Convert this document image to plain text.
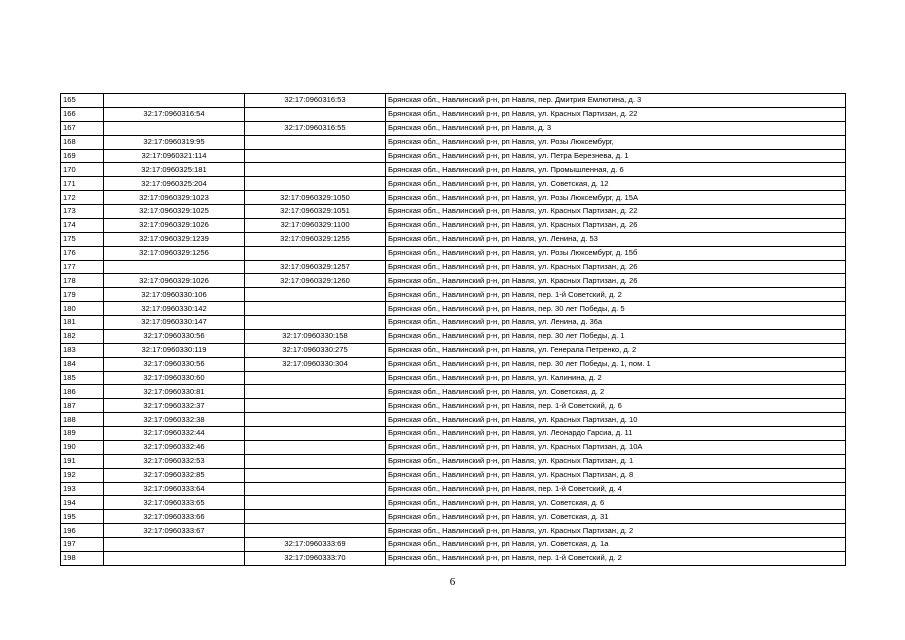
165		32:17:0960316:53	Брянская обл., Навлинский р-н, рп Навля, пер. Дмитрия Емлютина, д. 3
166	32:17:0960316:54		Брянская обл., Навлинский р-н, рп Навля, ул. Красных Партизан, д. 22
167		32:17:0960316:55	Брянская обл., Навлинский р-н, рп Навля, д. 3
168	32:17:0960319:95		Брянская обл., Навлинский р-н, рп Навля, ул. Розы Люксембург,
169	32:17:0960321:114		Брянская обл., Навлинский р-н, рп Навля, ул. Петра Березнева, д. 1
170	32:17:0960325:181		Брянская обл., Навлинский р-н, рп Навля, ул. Промышленная, д. 6
171	32:17:0960325:204		Брянская обл., Навлинский р-н, рп Навля, ул. Советская, д. 12
172	32:17:0960329:1023	32:17:0960329:1050	Брянская обл., Навлинский р-н, рп Навля, ул. Розы Люксембург, д. 15А
173	32:17:0960329:1025	32:17:0960329:1051	Брянская обл., Навлинский р-н, рп Навля, ул. Красных Партизан, д. 22
174	32:17:0960329:1026	32:17:0960329:1100	Брянская обл., Навлинский р-н, рп Навля, ул. Красных Партизан, д. 26
175	32:17:0960329:1239	32:17:0960329:1255	Брянская обл., Навлинский р-н, рп Навля, ул. Ленина, д. 53
176	32:17:0960329:1256		Брянская обл., Навлинский р-н, рп Навля, ул. Розы Люксембург, д. 15б
177		32:17:0960329:1257	Брянская обл., Навлинский р-н, рп Навля, ул. Красных Партизан, д. 26
178	32:17:0960329:1026	32:17:0960329:1260	Брянская обл., Навлинский р-н, рп Навля, ул. Красных Партизан, д. 26
179	32:17:0960330:106		Брянская обл., Навлинский р-н, рп Навля, пер. 1-й Советский, д. 2
180	32:17:0960330:142		Брянская обл., Навлинский р-н, рп Навля, пер. 30 лет Победы, д. 5
181	32:17:0960330:147		Брянская обл., Навлинский р-н, рп Навля, ул. Ленина, д. 36а
182	32:17:0960330:56	32:17:0960330:158	Брянская обл., Навлинский р-н, рп Навля, пер. 30 лет Победы, д. 1
183	32:17:0960330:119	32:17:0960330:275	Брянская обл., Навлинский р-н, рп Навля, ул. Генерала Петренко, д. 2
184	32:17:0960330:56	32:17:0960330:304	Брянская обл., Навлинский р-н, рп Навля, пер. 30 лет Победы, д. 1, пом. 1
185	32:17:0960330:60		Брянская обл., Навлинский р-н, рп Навля, ул. Калинина, д. 2
186	32:17:0960330:81		Брянская обл., Навлинский р-н, рп Навля, ул. Советская, д. 2
187	32:17:0960332:37		Брянская обл., Навлинский р-н, рп Навля, пер. 1-й Советский, д. 6
188	32:17:0960332:38		Брянская обл., Навлинский р-н, рп Навля, ул. Красных Партизан, д. 10
189	32:17:0960332:44		Брянская обл., Навлинский р-н, рп Навля, ул. Леонардо Гарсиа, д. 11
190	32:17:0960332:46		Брянская обл., Навлинский р-н, рп Навля, ул. Красных Партизан, д. 10А
191	32:17:0960332:53		Брянская обл., Навлинский р-н, рп Навля, ул. Красных Партизан, д. 1
192	32:17:0960332:85		Брянская обл., Навлинский р-н, рп Навля, ул. Красных Партизан, д. 8
193	32:17:0960333:64		Брянская обл., Навлинский р-н, рп Навля, пер. 1-й Советский, д. 4
194	32:17:0960333:65		Брянская обл., Навлинский р-н, рп Навля, ул. Советская, д. 6
195	32:17:0960333:66		Брянская обл., Навлинский р-н, рп Навля, ул. Советская, д. 31
196	32:17:0960333:67		Брянская обл., Навлинский р-н, рп Навля, ул. Красных Партизан, д. 2
197		32:17:0960333:69	Брянская обл., Навлинский р-н, рп Навля, ул. Советская, д. 1а
198		32:17:0960333:70	Брянская обл., Навлинский р-н, рп Навля, пер. 1-й Советский, д. 2
6
